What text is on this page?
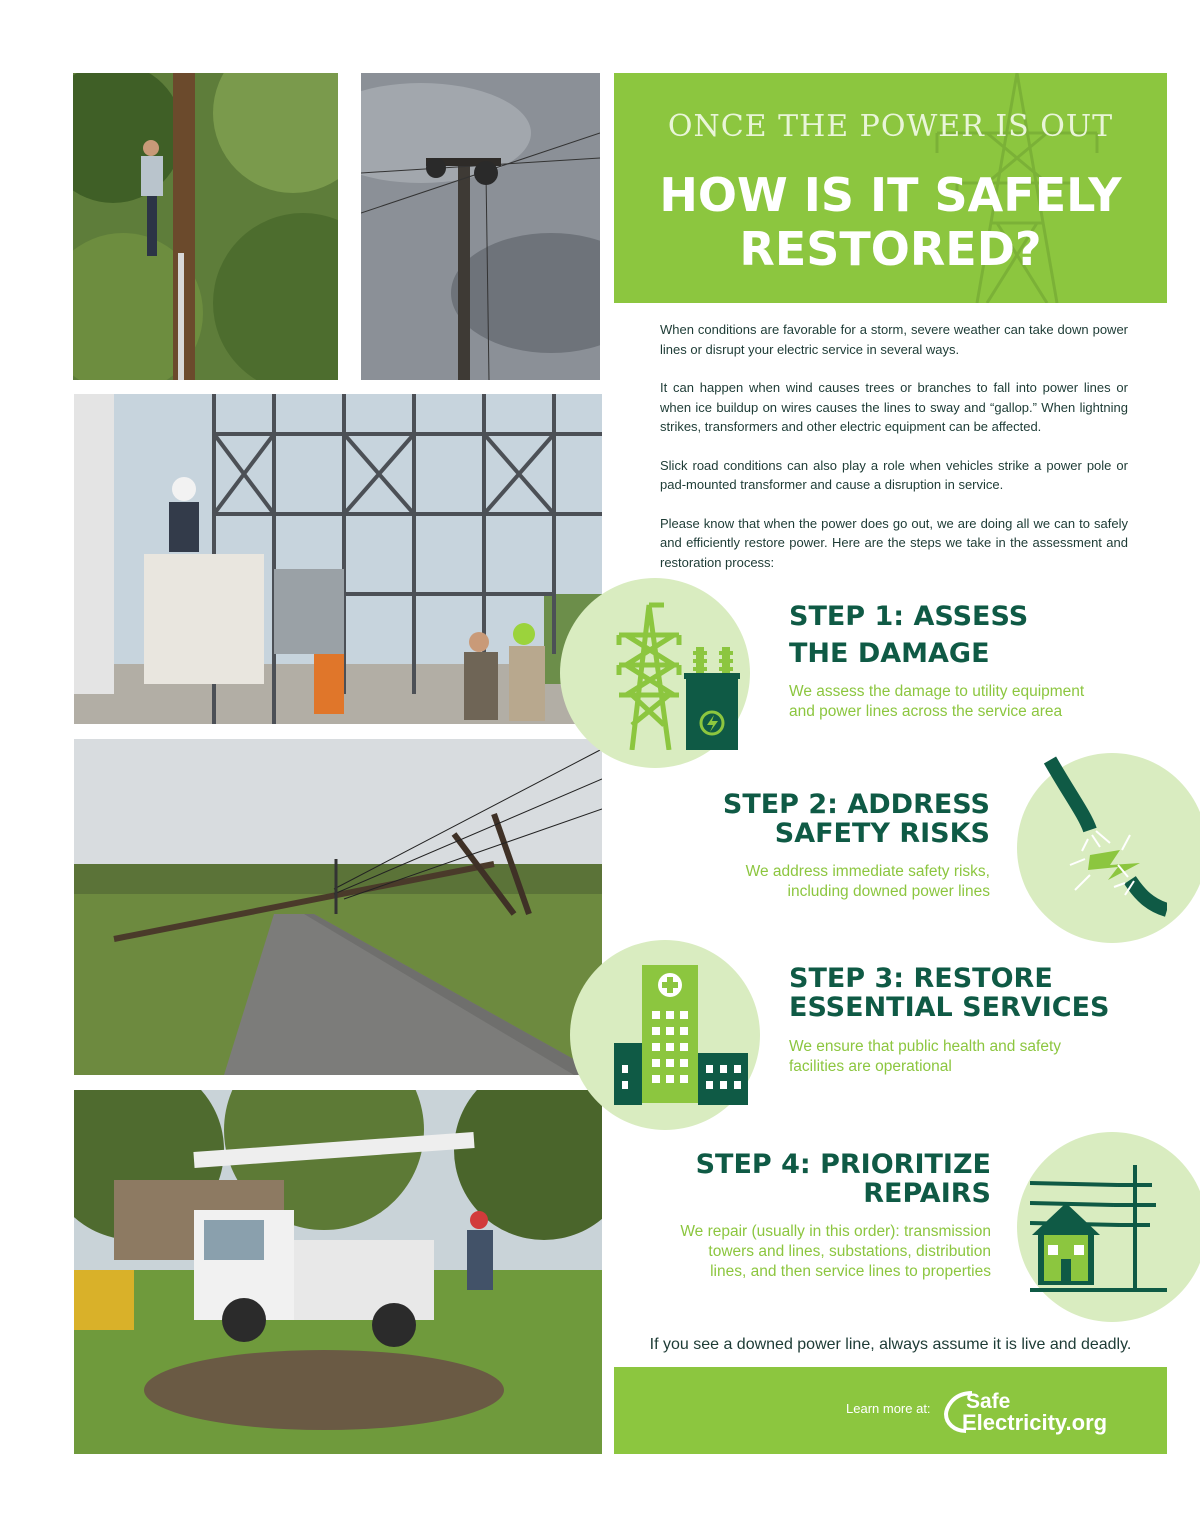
ONCE THE POWER IS OUT
HOW IS IT SAFELY
RESTORED?

When conditions are favorable for a storm, severe weather can take down power lines or disrupt your electric service in several ways.

It can happen when wind causes trees or branches to fall into power lines or when ice buildup on wires causes the lines to sway and “gallop.” When lightning strikes, transformers and other electric equipment can be affected.

Slick road conditions can also play a role when vehicles strike a power pole or pad-mounted transformer and cause a disruption in service.

Please know that when the power does go out, we are doing all we can to safely and efficiently restore power. Here are the steps we take in the assessment and restoration process:

STEP 1: ASSESS
THE DAMAGE
We assess the damage to utility equipment
and power lines across the service area
STEP 2: ADDRESS
SAFETY RISKS
We address immediate safety risks,
including downed power lines
STEP 3: RESTORE
ESSENTIAL SERVICES
We ensure that public health and safety
facilities are operational
STEP 4: PRIORITIZE
REPAIRS
We repair (usually in this order): transmission
towers and lines, substations, distribution
lines, and then service lines to properties
If you see a downed power line, always assume it is live and deadly.
Learn more at: Safe
Electricity.org
